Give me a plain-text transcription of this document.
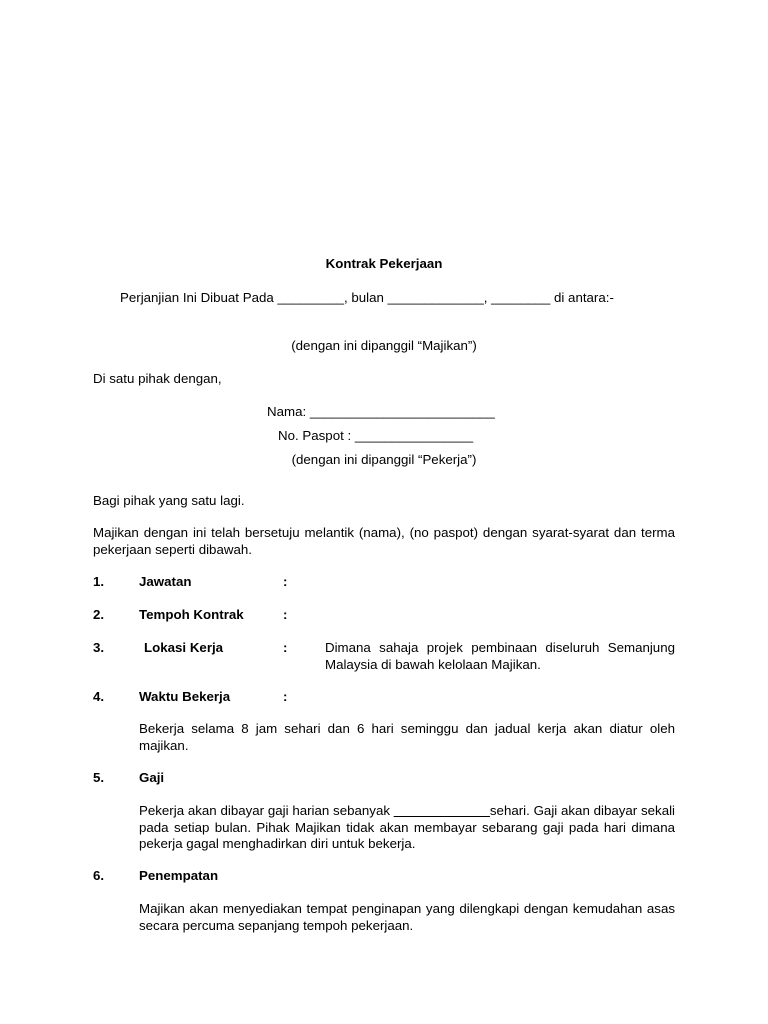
Kontrak Pekerjaan
Perjanjian Ini Dibuat Pada _________, bulan _____________, ________ di antara:-
(dengan ini dipanggil “Majikan”)
Di satu pihak dengan,
Nama: _________________________
No. Paspot : ________________
(dengan ini dipanggil “Pekerja”)
Bagi pihak yang satu lagi.
Majikan dengan ini telah bersetuju melantik (nama), (no paspot) dengan syarat-syarat dan terma pekerjaan seperti dibawah.
1.	Jawatan	:
2.	Tempoh Kontrak	:
3.	Lokasi Kerja	:	Dimana sahaja projek pembinaan diseluruh Semanjung Malaysia di bawah kelolaan Majikan.
4.	Waktu Bekerja	:
Bekerja selama 8 jam sehari dan 6 hari seminggu dan jadual kerja akan diatur oleh majikan.
5.	Gaji
Pekerja akan dibayar gaji harian sebanyak _____________sehari. Gaji akan dibayar sekali pada setiap bulan. Pihak Majikan tidak akan membayar sebarang gaji pada hari dimana pekerja gagal menghadirkan diri untuk bekerja.
6.	Penempatan
Majikan akan menyediakan tempat penginapan yang dilengkapi dengan kemudahan asas secara percuma sepanjang tempoh pekerjaan.
